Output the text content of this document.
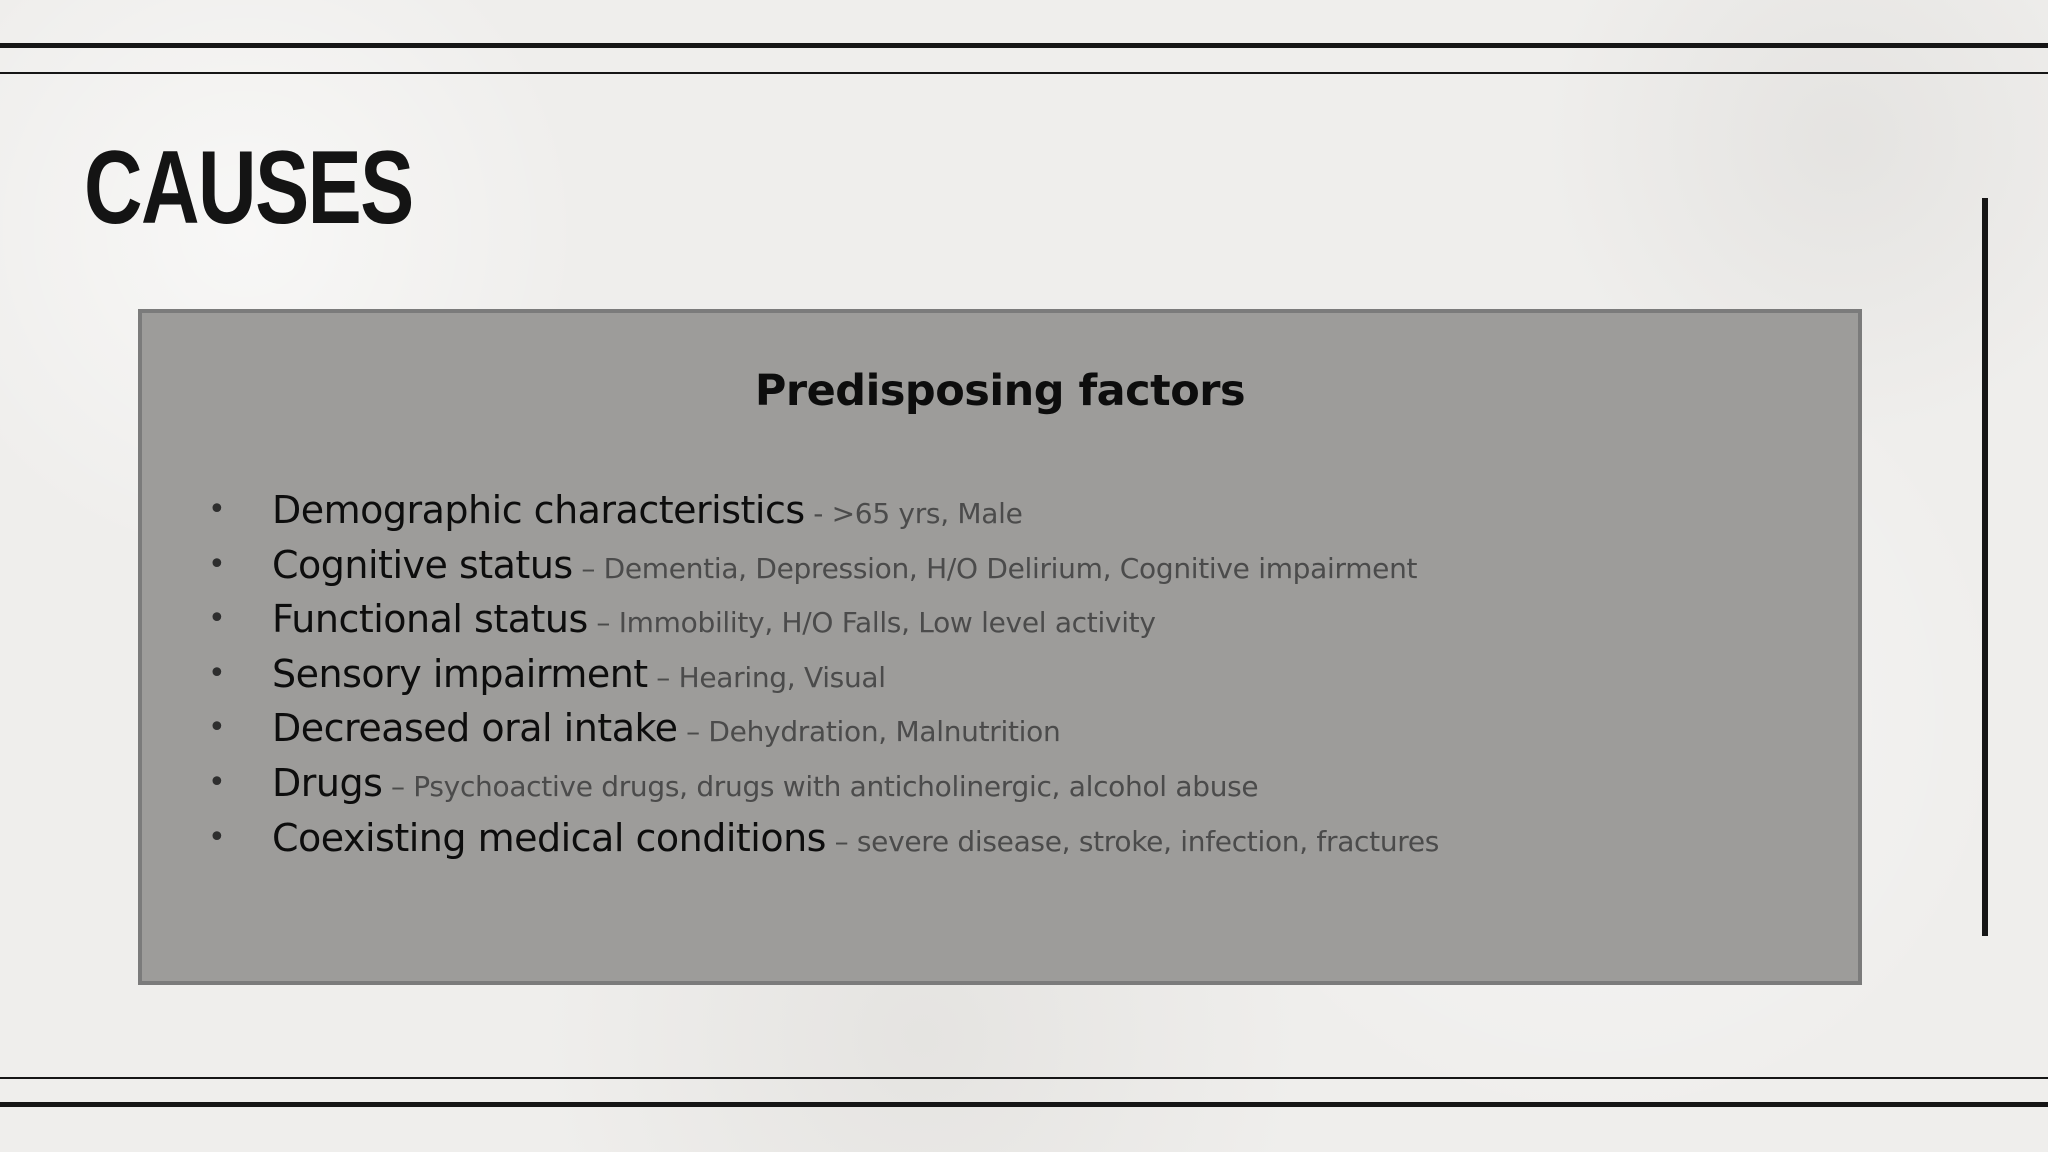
CAUSES
Predisposing factors
• Demographic characteristics - >65 yrs, Male
• Cognitive status – Dementia, Depression, H/O Delirium, Cognitive impairment
• Functional status – Immobility, H/O Falls, Low level activity
• Sensory impairment – Hearing, Visual
• Decreased oral intake – Dehydration, Malnutrition
• Drugs – Psychoactive drugs, drugs with anticholinergic, alcohol abuse
• Coexisting medical conditions – severe disease, stroke, infection, fractures
